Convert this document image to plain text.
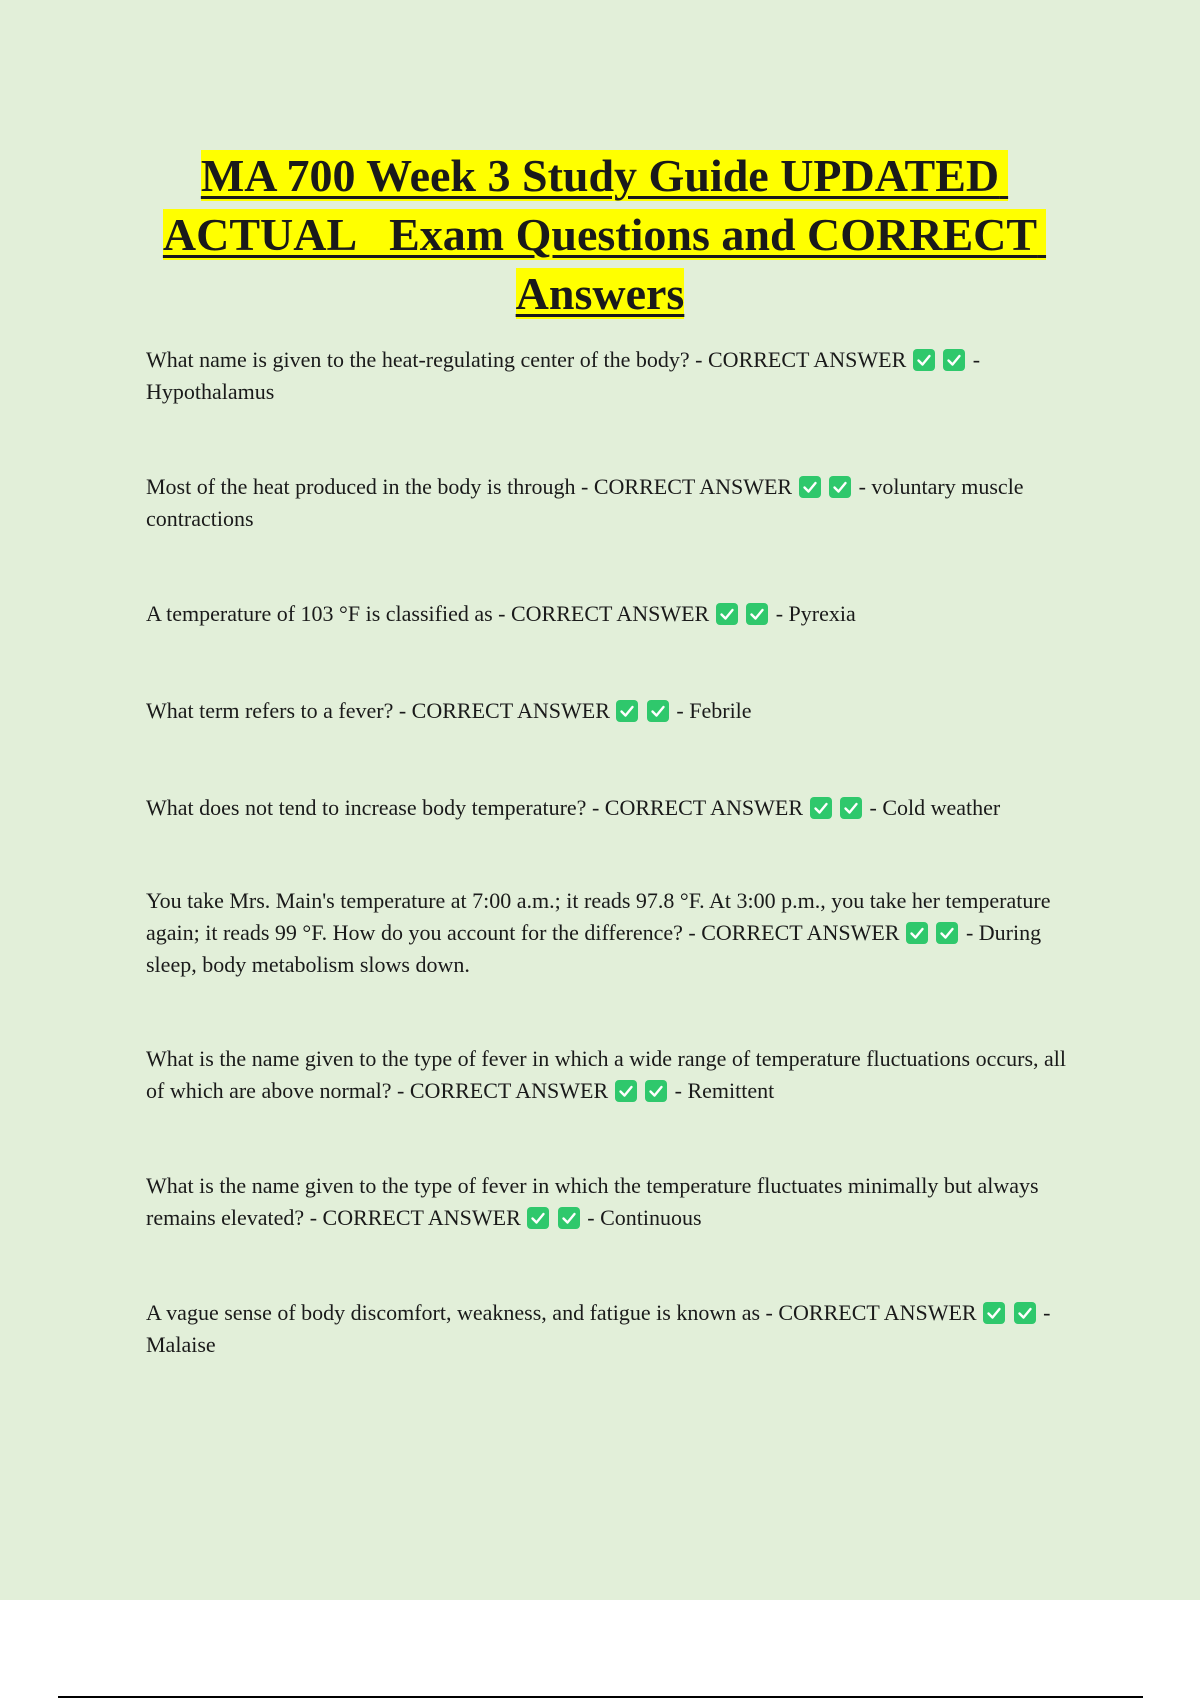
MA 700 Week 3 Study Guide UPDATED ACTUAL   Exam Questions and CORRECT Answers

What name is given to the heat-regulating center of the body? - CORRECT ANSWER
	- Hypothalamus

Most of the heat produced in the body is through - CORRECT ANSWER
	- voluntary muscle contractions

A temperature of 103 °F is classified as - CORRECT ANSWER
	- Pyrexia

What term refers to a fever? - CORRECT ANSWER
	- Febrile

What does not tend to increase body temperature? - CORRECT ANSWER
	- Cold weather

You take Mrs. Main's temperature at 7:00 a.m.; it reads 97.8 °F. At 3:00 p.m., you take her temperature again; it reads 99 °F. How do you account for the difference? - CORRECT ANSWER
	- During sleep, body metabolism slows down.

What is the name given to the type of fever in which a wide range of temperature fluctuations occurs, all of which are above normal? - CORRECT ANSWER
	- Remittent

What is the name given to the type of fever in which the temperature fluctuates minimally but always remains elevated? - CORRECT ANSWER
	- Continuous

A vague sense of body discomfort, weakness, and fatigue is known as - CORRECT ANSWER
	- Malaise
